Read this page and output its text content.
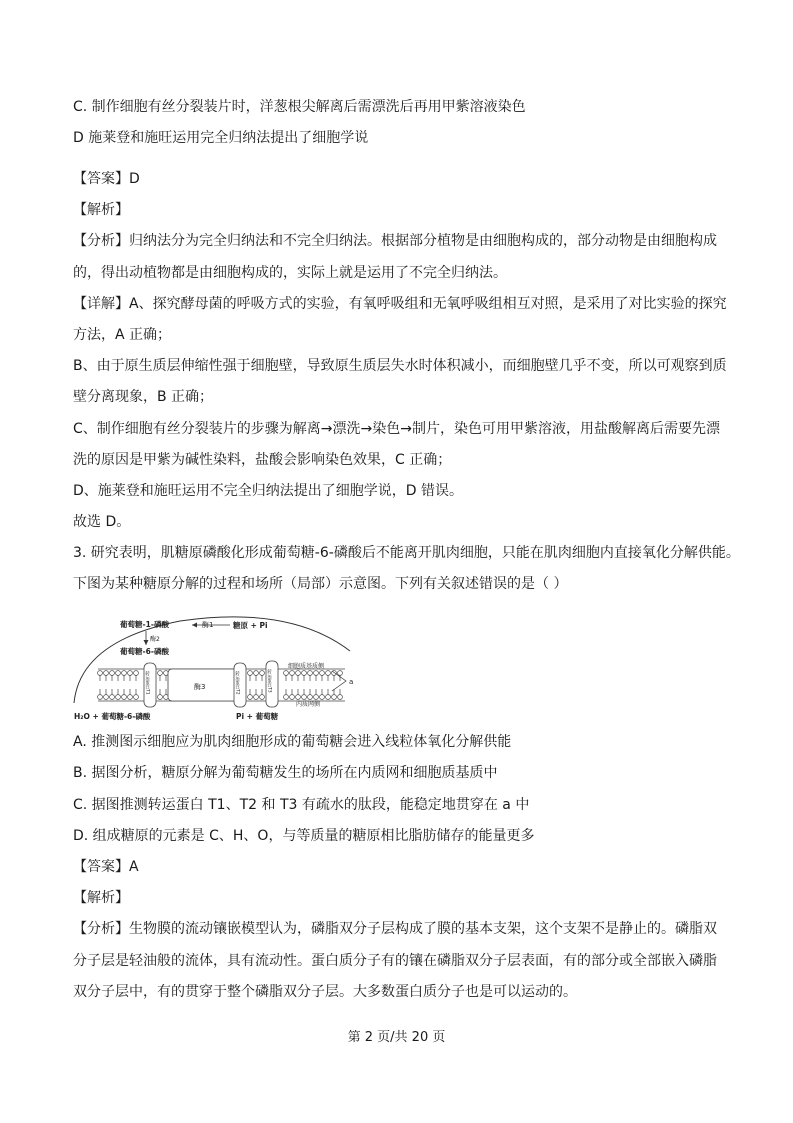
C. 制作细胞有丝分裂装片时，洋葱根尖解离后需漂洗后再用甲紫溶液染色
D 施莱登和施旺运用完全归纳法提出了细胞学说
【答案】D
【解析】
【分析】归纳法分为完全归纳法和不完全归纳法。根据部分植物是由细胞构成的，部分动物是由细胞构成
的，得出动植物都是由细胞构成的，实际上就是运用了不完全归纳法。
【详解】A、探究酵母菌的呼吸方式的实验，有氧呼吸组和无氧呼吸组相互对照，是采用了对比实验的探究
方法，A 正确；
B、由于原生质层伸缩性强于细胞壁，导致原生质层失水时体积减小，而细胞壁几乎不变，所以可观察到质
壁分离现象，B 正确；
C、制作细胞有丝分裂装片的步骤为解离→漂洗→染色→制片，染色可用甲紫溶液，用盐酸解离后需要先漂
洗的原因是甲紫为碱性染料，盐酸会影响染色效果，C 正确；
D、施莱登和施旺运用不完全归纳法提出了细胞学说，D 错误。
故选 D。
3. 研究表明，肌糖原磷酸化形成葡萄糖-6-磷酸后不能离开肌肉细胞，只能在肌肉细胞内直接氧化分解供能。
下图为某种糖原分解的过程和场所（局部）示意图。下列有关叙述错误的是（ ）
酶3
转运蛋白T1	转运蛋白T2	转运蛋白T3
葡萄糖-1-磷酸	酶1	糖原 + Pi
酶2
葡萄糖-6-磷酸
细胞质基质侧
内质网侧
a
H₂O + 葡萄糖-6-磷酸	Pi + 葡萄糖
A. 推测图示细胞应为肌肉细胞形成的葡萄糖会进入线粒体氧化分解供能
B. 据图分析，糖原分解为葡萄糖发生的场所在内质网和细胞质基质中
C. 据图推测转运蛋白 T1、T2 和 T3 有疏水的肽段，能稳定地贯穿在 a 中
D. 组成糖原的元素是 C、H、O，与等质量的糖原相比脂肪储存的能量更多
【答案】A
【解析】
【分析】生物膜的流动镶嵌模型认为，磷脂双分子层构成了膜的基本支架，这个支架不是静止的。磷脂双
分子层是轻油般的流体，具有流动性。蛋白质分子有的镶在磷脂双分子层表面，有的部分或全部嵌入磷脂
双分子层中，有的贯穿于整个磷脂双分子层。大多数蛋白质分子也是可以运动的。
第 2 页/共 20 页
